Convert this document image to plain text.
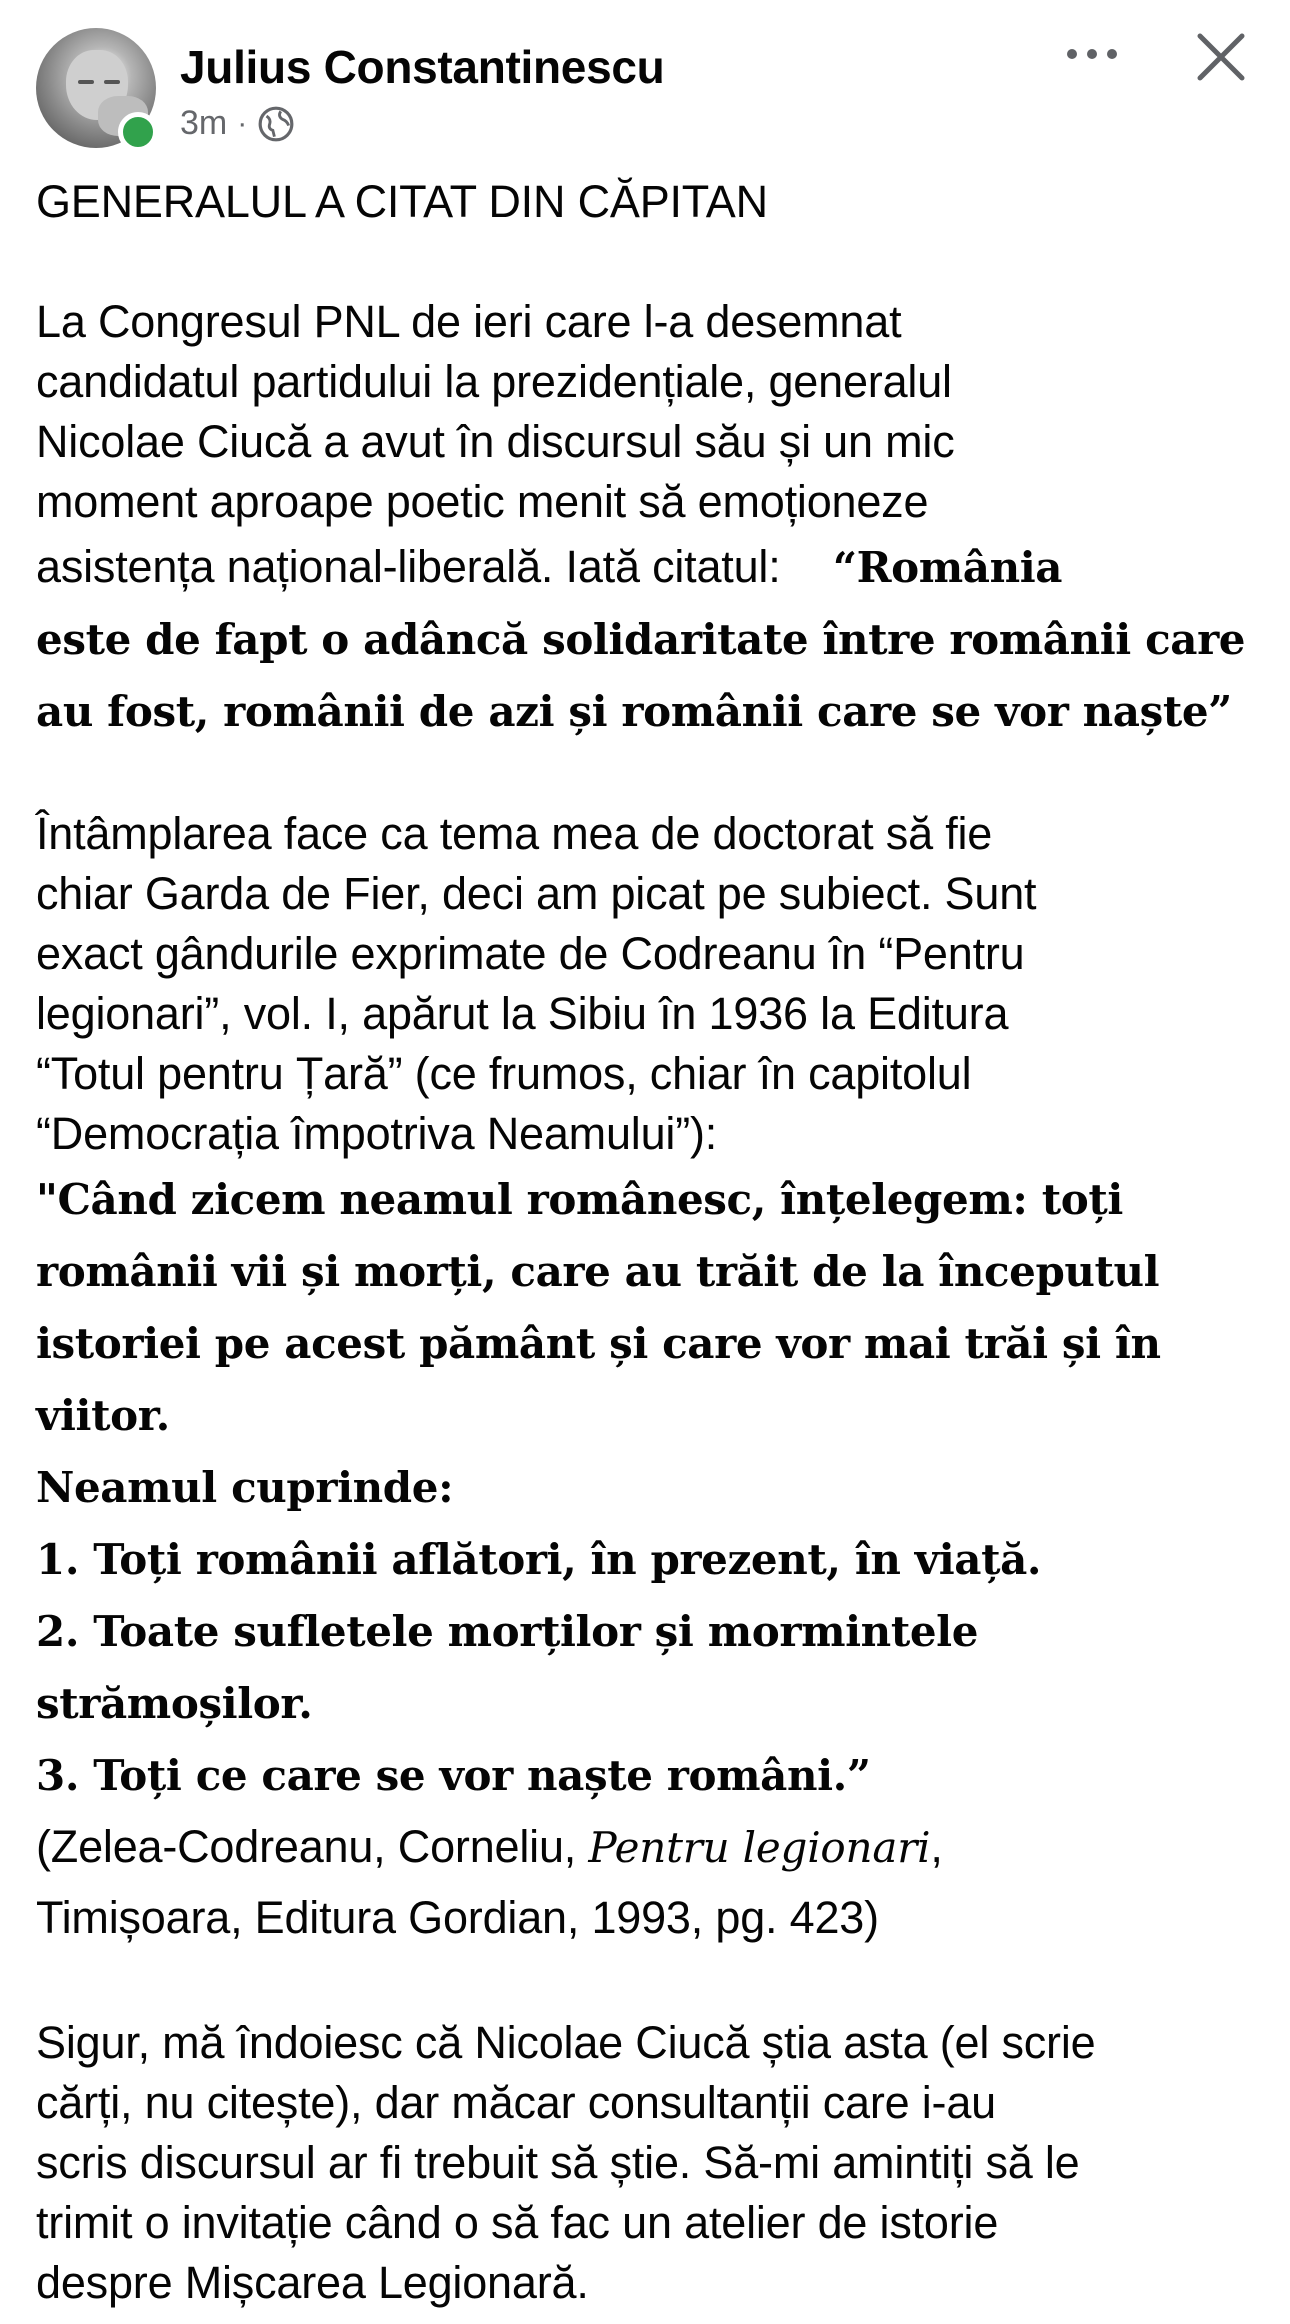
Julius Constantinescu
3m ·

GENERALUL A CITAT DIN CĂPITAN

La Congresul PNL de ieri care l-a desemnat

candidatul partidului la prezidențiale, generalul

Nicolae Ciucă a avut în discursul său și un mic

moment aproape poetic menit să emoționeze

asistența național-liberală. Iată citatul: “România

este de fapt o adâncă solidaritate între românii care

au fost, românii de azi și românii care se vor naște”

Întâmplarea face ca tema mea de doctorat să fie

chiar Garda de Fier, deci am picat pe subiect. Sunt

exact gândurile exprimate de Codreanu în “Pentru

legionari”, vol. I, apărut la Sibiu în 1936 la Editura

“Totul pentru Țară” (ce frumos, chiar în capitolul

“Democrația împotriva Neamului”):

"Când zicem neamul românesc, înțelegem: toți

românii vii și morți, care au trăit de la începutul

istoriei pe acest pământ și care vor mai trăi și în

viitor.

Neamul cuprinde:

1. Toți românii aflători, în prezent, în viață.

2. Toate sufletele morților și mormintele

strămoșilor.

3. Toți ce care se vor naște români.”

(Zelea-Codreanu, Corneliu, Pentru legionari,

Timișoara, Editura Gordian, 1993, pg. 423)

Sigur, mă îndoiesc că Nicolae Ciucă știa asta (el scrie

cărți, nu citește), dar măcar consultanții care i-au

scris discursul ar fi trebuit să știe. Să-mi amintiți să le

trimit o invitație când o să fac un atelier de istorie

despre Mișcarea Legionară.
